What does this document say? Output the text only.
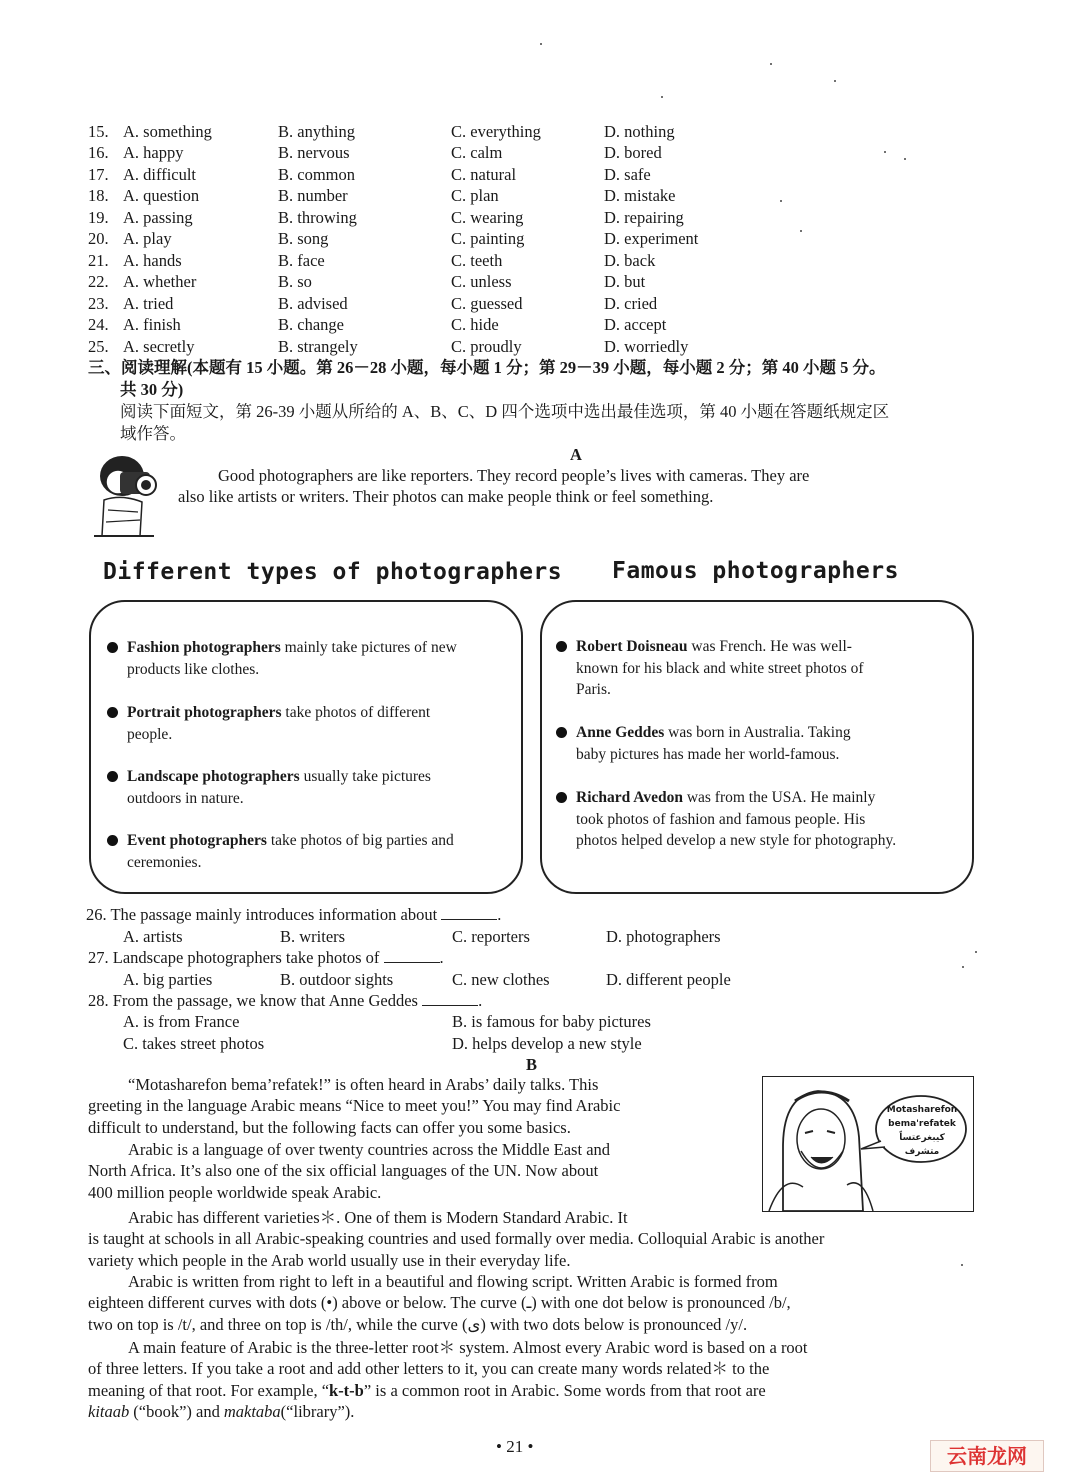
15. A. something	B. anything	C. everything	D. nothing
16. A. happy	B. nervous	C. calm	D. bored
17. A. difficult	B. common	C. natural	D. safe
18. A. question	B. number	C. plan	D. mistake
19. A. passing	B. throwing	C. wearing	D. repairing
20. A. play	B. song	C. painting	D. experiment
21. A. hands	B. face	C. teeth	D. back
22. A. whether	B. so	C. unless	D. but
23. A. tried	B. advised	C. guessed	D. cried
24. A. finish	B. change	C. hide	D. accept
25. A. secretly	B. strangely	C. proudly	D. worriedly
三、阅读理解(本题有 15 小题。第 26－28 小题，每小题 1 分；第 29－39 小题，每小题 2 分；第 40 小题 5 分。
共 30 分)
阅读下面短文，第 26-39 小题从所给的 A、B、C、D 四个选项中选出最佳选项，第 40 小题在答题纸规定区
域作答。
A
Good photographers are like reporters. They record people’s lives with cameras. They are
also like artists or writers. Their photos can make people think or feel something.
Different types of photographers Famous photographers
Fashion photographers mainly take pictures of new
products like clothes.
Portrait photographers take photos of different
people.
Landscape photographers usually take pictures
outdoors in nature.
Event photographers take photos of big parties and
ceremonies.
Robert Doisneau was French. He was well-
known for his black and white street photos of
Paris.
Anne Geddes was born in Australia. Taking
baby pictures has made her world-famous.
Richard Avedon was from the USA. He mainly
took photos of fashion and famous people. His
photos helped develop a new style for photography.
26. The passage mainly introduces information about	.
A. artists	B. writers	C. reporters	D. photographers
27. Landscape photographers take photos of	.
A. big parties	B. outdoor sights	C. new clothes	D. different people
28. From the passage, we know that Anne Geddes	.
A. is from France	B. is famous for baby pictures
C. takes street photos	D. helps develop a new style
B
Motasharefon
bema'refatek
كيبغرعتساً متشرف
“Motasharefon bema’refatek!” is often heard in Arabs’ daily talks. This
greeting in the language Arabic means “Nice to meet you!” You may find Arabic
difficult to understand, but the following facts can offer you some basics.
Arabic is a language of over twenty countries across the Middle East and
North Africa. It’s also one of the six official languages of the UN. Now about
400 million people worldwide speak Arabic.
Arabic has different varieties＊. One of them is Modern Standard Arabic. It
is taught at schools in all Arabic-speaking countries and used formally over media. Colloquial Arabic is another
variety which people in the Arab world usually use in their everyday life.
Arabic is written from right to left in a beautiful and flowing script. Written Arabic is formed from
eighteen different curves with dots (•) above or below. The curve (ـ) with one dot below is pronounced /b/,
two on top is /t/, and three on top is /th/, while the curve (ى) with two dots below is pronounced /y/.
A main feature of Arabic is the three-letter root＊ system. Almost every Arabic word is based on a root
of three letters. If you take a root and add other letters to it, you can create many words related＊ to the
meaning of that root. For example, “k-t-b” is a common root in Arabic. Some words from that root are
kitaab (“book”) and maktaba(“library”).
• 21 •	云南龙网
